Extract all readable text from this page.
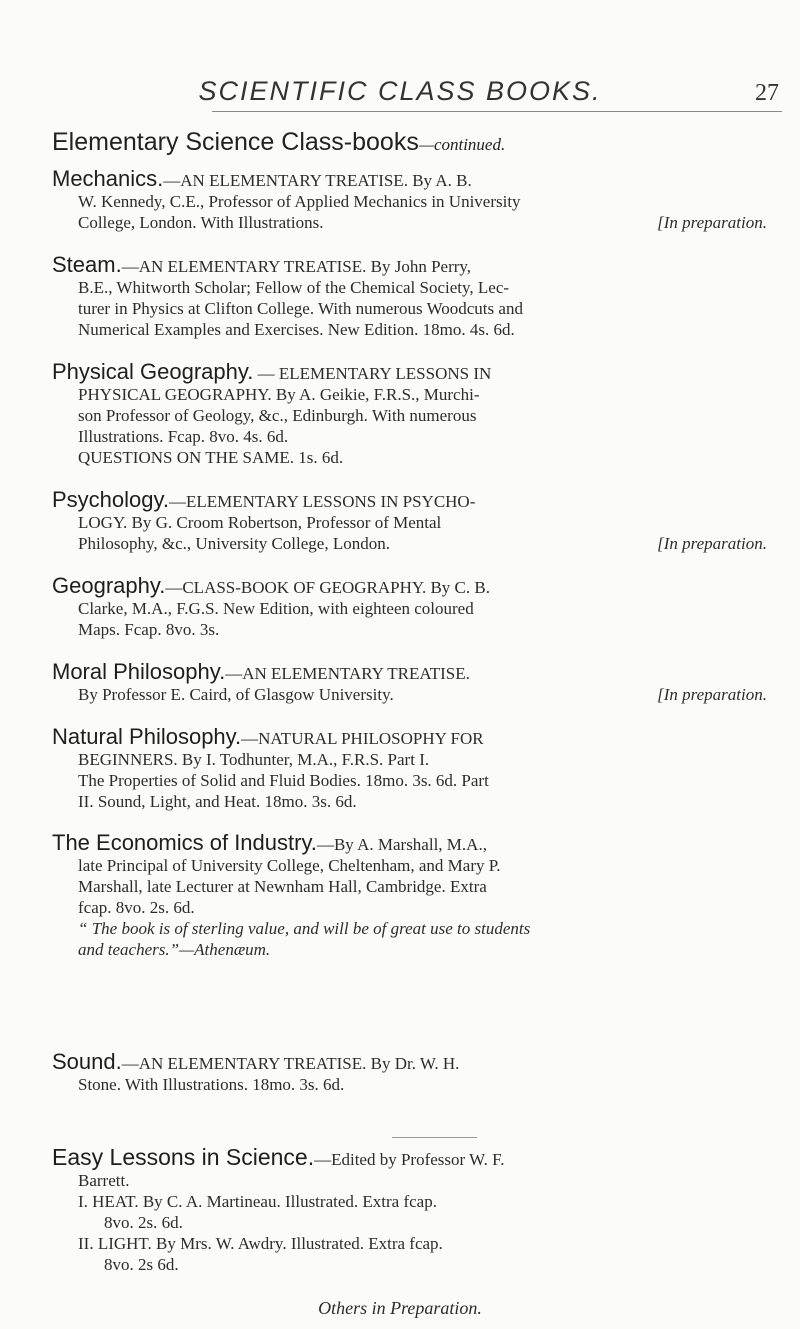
SCIENTIFIC CLASS BOOKS.	27
Elementary Science Class-books—continued.
Mechanics.—AN ELEMENTARY TREATISE. By A. B.
W. Kennedy, C.E., Professor of Applied Mechanics in University
College, London. With Illustrations.	[In preparation.
Steam.—AN ELEMENTARY TREATISE. By John Perry,
B.E., Whitworth Scholar; Fellow of the Chemical Society, Lec-
turer in Physics at Clifton College. With numerous Woodcuts and
Numerical Examples and Exercises. New Edition. 18mo. 4s. 6d.
Physical Geography. — ELEMENTARY LESSONS IN
PHYSICAL GEOGRAPHY. By A. Geikie, F.R.S., Murchi-
son Professor of Geology, &c., Edinburgh. With numerous
Illustrations. Fcap. 8vo. 4s. 6d.
QUESTIONS ON THE SAME. 1s. 6d.
Psychology.—ELEMENTARY LESSONS IN PSYCHO-
LOGY. By G. Croom Robertson, Professor of Mental
Philosophy, &c., University College, London.	[In preparation.
Geography.—CLASS-BOOK OF GEOGRAPHY. By C. B.
Clarke, M.A., F.G.S. New Edition, with eighteen coloured
Maps. Fcap. 8vo. 3s.
Moral Philosophy.—AN ELEMENTARY TREATISE.
By Professor E. Caird, of Glasgow University.	[In preparation.
Natural Philosophy.—NATURAL PHILOSOPHY FOR
BEGINNERS. By I. Todhunter, M.A., F.R.S. Part I.
The Properties of Solid and Fluid Bodies. 18mo. 3s. 6d. Part
II. Sound, Light, and Heat. 18mo. 3s. 6d.
The Economics of Industry.—By A. Marshall, M.A.,
late Principal of University College, Cheltenham, and Mary P.
Marshall, late Lecturer at Newnham Hall, Cambridge. Extra
fcap. 8vo. 2s. 6d.
“ The book is of sterling value, and will be of great use to students
and teachers.”—Athenæum.
Sound.—AN ELEMENTARY TREATISE. By Dr. W. H.
Stone. With Illustrations. 18mo. 3s. 6d.
Easy Lessons in Science.—Edited by Professor W. F.
Barrett.
I. HEAT. By C. A. Martineau. Illustrated. Extra fcap.
8vo. 2s. 6d.
II. LIGHT. By Mrs. W. Awdry. Illustrated. Extra fcap.
8vo. 2s 6d.
Others in Preparation.
